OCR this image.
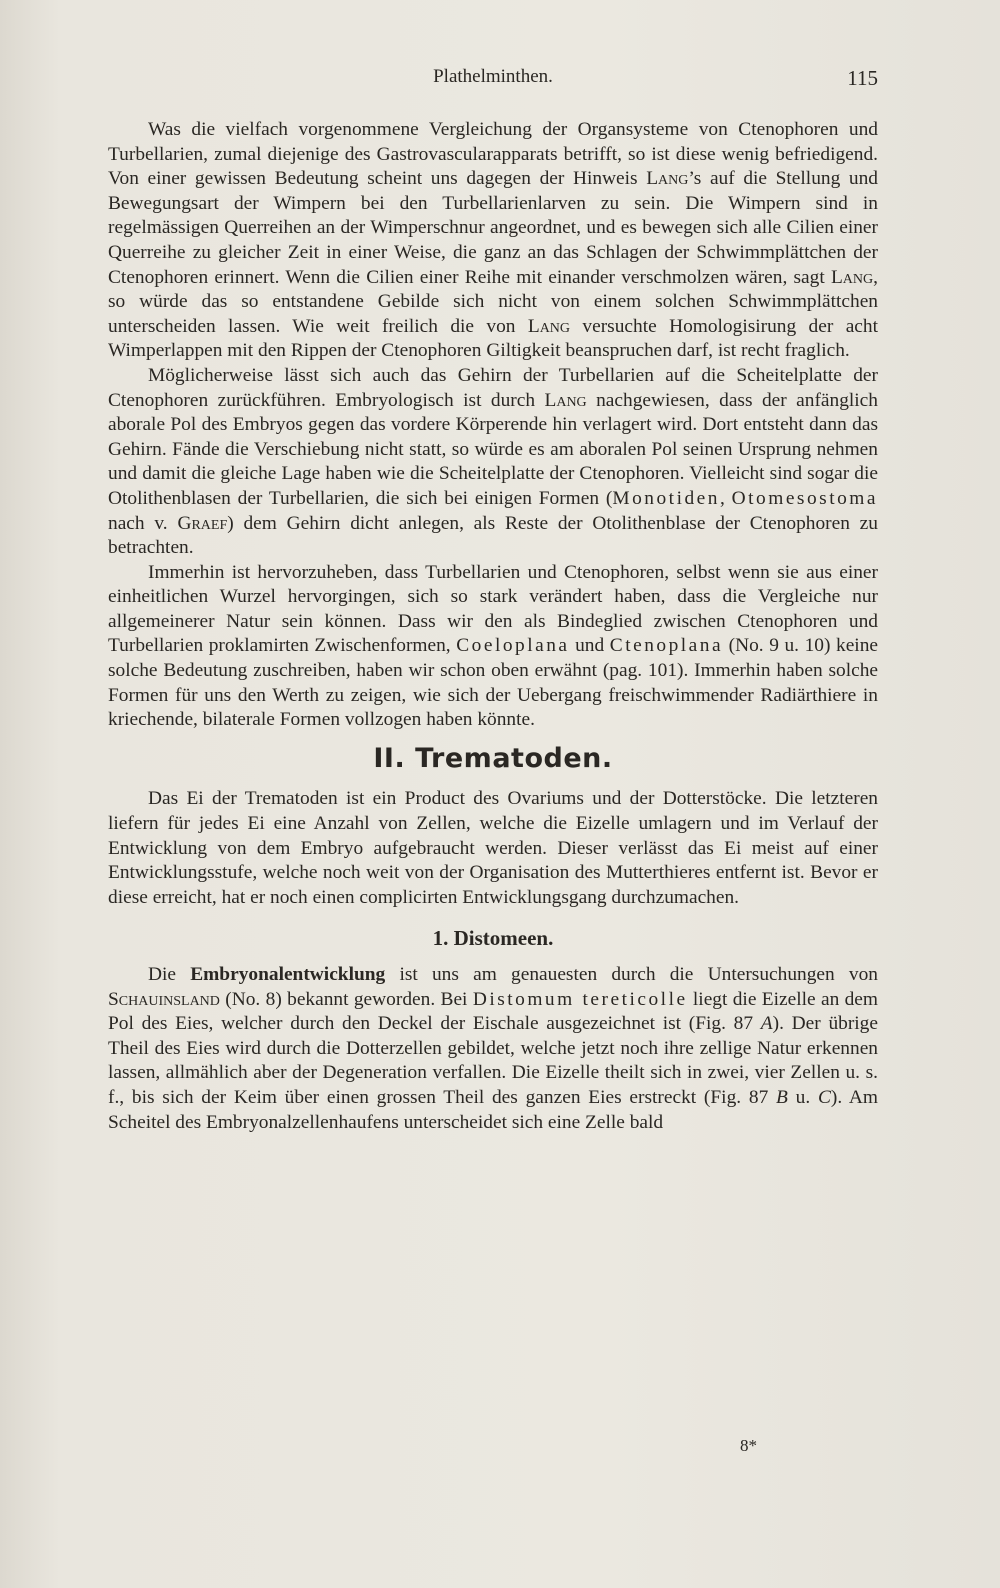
Plathelminthen.	115

Was die vielfach vorgenommene Vergleichung der Organsysteme von Ctenophoren und Turbellarien, zumal diejenige des Gastrovascularapparats betrifft, so ist diese wenig befriedigend. Von einer gewissen Bedeutung scheint uns dagegen der Hinweis Lang’s auf die Stellung und Bewegungsart der Wimpern bei den Turbellarienlarven zu sein. Die Wimpern sind in regelmässigen Querreihen an der Wimperschnur angeordnet, und es bewegen sich alle Cilien einer Querreihe zu gleicher Zeit in einer Weise, die ganz an das Schlagen der Schwimmplättchen der Ctenophoren erinnert. Wenn die Cilien einer Reihe mit einander verschmolzen wären, sagt Lang, so würde das so entstandene Gebilde sich nicht von einem solchen Schwimmplättchen unterscheiden lassen. Wie weit freilich die von Lang versuchte Homologisirung der acht Wimperlappen mit den Rippen der Ctenophoren Giltigkeit beanspruchen darf, ist recht fraglich.

Möglicherweise lässt sich auch das Gehirn der Turbellarien auf die Scheitelplatte der Ctenophoren zurückführen. Embryologisch ist durch Lang nachgewiesen, dass der anfänglich aborale Pol des Embryos gegen das vordere Körperende hin verlagert wird. Dort entsteht dann das Gehirn. Fände die Verschiebung nicht statt, so würde es am aboralen Pol seinen Ursprung nehmen und damit die gleiche Lage haben wie die Scheitelplatte der Ctenophoren. Vielleicht sind sogar die Otolithenblasen der Turbellarien, die sich bei einigen Formen (Monotiden, Otomesostoma nach v. Graef) dem Gehirn dicht anlegen, als Reste der Otolithenblase der Ctenophoren zu betrachten.

Immerhin ist hervorzuheben, dass Turbellarien und Ctenophoren, selbst wenn sie aus einer einheitlichen Wurzel hervorgingen, sich so stark verändert haben, dass die Vergleiche nur allgemeinerer Natur sein können. Dass wir den als Bindeglied zwischen Ctenophoren und Turbellarien proklamirten Zwischenformen, Coeloplana und Ctenoplana (No. 9 u. 10) keine solche Bedeutung zuschreiben, haben wir schon oben erwähnt (pag. 101). Immerhin haben solche Formen für uns den Werth zu zeigen, wie sich der Uebergang freischwimmender Radiärthiere in kriechende, bilaterale Formen vollzogen haben könnte.

II. Trematoden.

Das Ei der Trematoden ist ein Product des Ovariums und der Dotterstöcke. Die letzteren liefern für jedes Ei eine Anzahl von Zellen, welche die Eizelle umlagern und im Verlauf der Entwicklung von dem Embryo aufgebraucht werden. Dieser verlässt das Ei meist auf einer Entwicklungsstufe, welche noch weit von der Organisation des Mutterthieres entfernt ist. Bevor er diese erreicht, hat er noch einen complicirten Entwicklungsgang durchzumachen.

1. Distomeen.

Die Embryonalentwicklung ist uns am genauesten durch die Untersuchungen von Schauinsland (No. 8) bekannt geworden. Bei Distomum tereticolle liegt die Eizelle an dem Pol des Eies, welcher durch den Deckel der Eischale ausgezeichnet ist (Fig. 87 A). Der übrige Theil des Eies wird durch die Dotterzellen gebildet, welche jetzt noch ihre zellige Natur erkennen lassen, allmählich aber der Degeneration verfallen. Die Eizelle theilt sich in zwei, vier Zellen u. s. f., bis sich der Keim über einen grossen Theil des ganzen Eies erstreckt (Fig. 87 B u. C). Am Scheitel des Embryonalzellenhaufens unterscheidet sich eine Zelle bald

8*
